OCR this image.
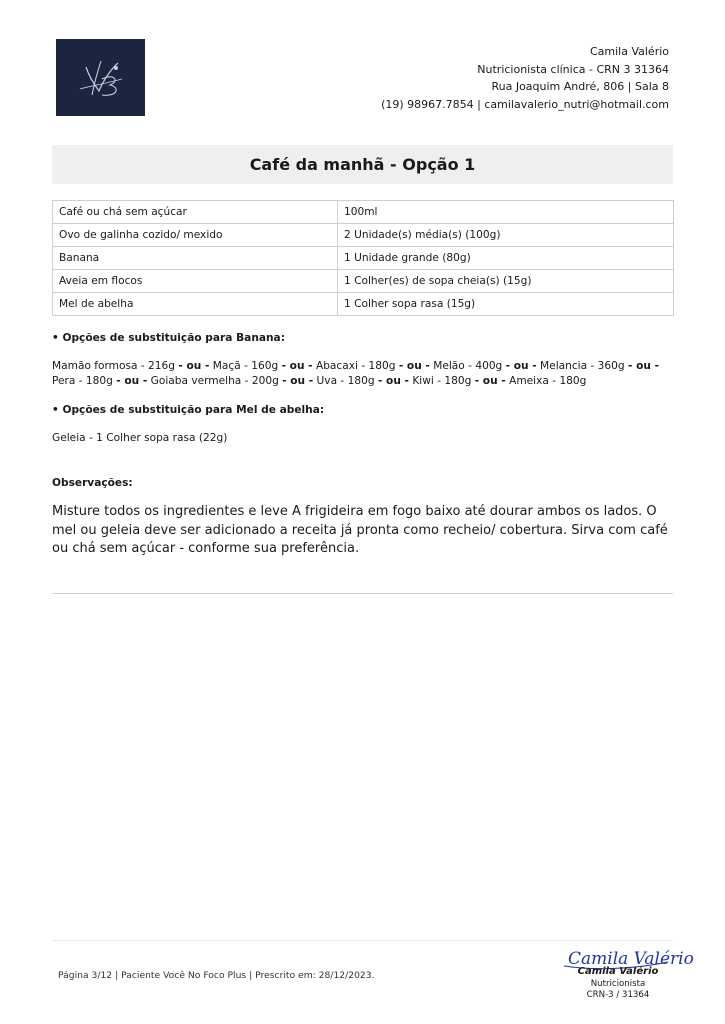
Camila Valério
Nutricionista clínica - CRN 3 31364
Rua Joaquim André, 806 | Sala 8
(19) 98967.7854 | camilavalerio_nutri@hotmail.com
Café da manhã - Opção 1
Café ou chá sem açúcar	100ml
Ovo de galinha cozido/ mexido	2 Unidade(s) média(s) (100g)
Banana	1 Unidade grande (80g)
Aveia em flocos	1 Colher(es) de sopa cheia(s) (15g)
Mel de abelha	1 Colher sopa rasa (15g)
• Opções de substituição para Banana:
Mamão formosa - 216g - ou - Maçã - 160g - ou - Abacaxi - 180g - ou - Melão - 400g - ou - Melancia - 360g - ou - Pera - 180g - ou - Goiaba vermelha - 200g - ou - Uva - 180g - ou - Kiwi - 180g - ou - Ameixa - 180g
• Opções de substituição para Mel de abelha:
Geleia - 1 Colher sopa rasa (22g)
Observações:
Misture todos os ingredientes e leve A frigideira em fogo baixo até dourar ambos os lados. O mel ou geleia deve ser adicionado a receita já pronta como recheio/ cobertura. Sirva com café ou chá sem açúcar - conforme sua preferência.
Página 3/12 | Paciente Você No Foco Plus | Prescrito em: 28/12/2023.
Camila Valério
Camila Valério
Nutricionista
CRN-3 / 31364
